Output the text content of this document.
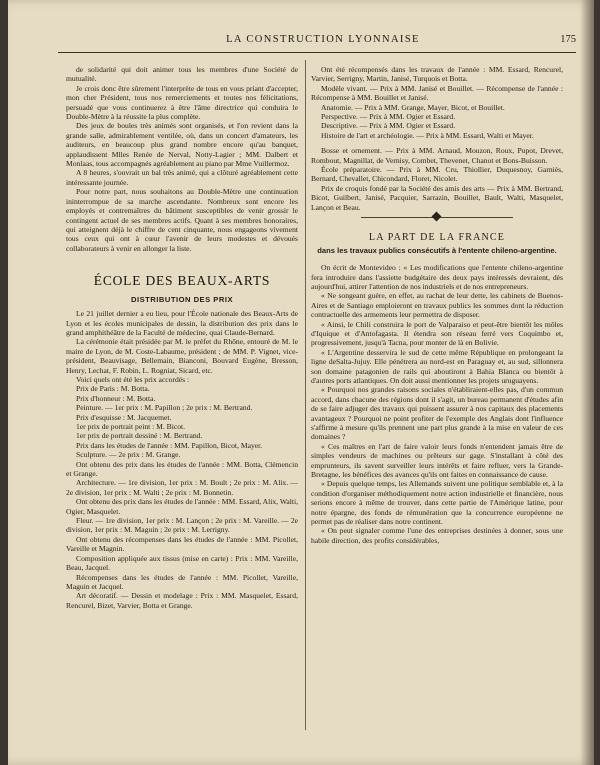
LA CONSTRUCTION LYONNAISE	175

de solidarité qui doit animer tous les membres d'une Société de mutualité.

Je crois donc être sûrement l'interprète de tous en vous priant d'accepter, mon cher Président, tous nos remerciements et toutes nos félicitations, persuadé que vous continuerez à être l'âme directrice qui conduira le Double-Mètre à la réussite la plus complète.

Des jeux de boules très animés sont organisés, et l'on revient dans la grande salle, admirablement ventilée, où, dans un concert d'amateurs, les auditeurs, en beaucoup plus grand nombre encore qu'au banquet, applaudissent Mlles Renée de Nerval, Notty-Lagier ; MM. Dalbert et Monlaas, tous accompagnés agréablement au piano par Mme Vuillermoz.

A 8 heures, s'ouvrait un bal très animé, qui a clôturé agréablement cette intéressante journée.

Pour notre part, nous souhaitons au Double-Mètre une continuation ininterrompue de sa marche ascendante. Nombreux sont encore les employés et contremaîtres du bâtiment susceptibles de venir grossir le contingent actuel de ses membres actifs. Quant à ses membres honoraires, qui atteignent déjà le chiffre de cent cinquante, nous engageons vivement tous ceux qui ont à cœur l'avenir de leurs modestes et dévoués collaborateurs à venir en allonger la liste.

ÉCOLE DES BEAUX-ARTS
DISTRIBUTION DES PRIX

Le 21 juillet dernier a eu lieu, pour l'École nationale des Beaux-Arts de Lyon et les écoles municipales de dessin, la distribution des prix dans le grand amphithéâtre de la Faculté de médecine, quai Claude-Bernard.

La cérémonie était présidée par M. le préfet du Rhône, entouré de M. le maire de Lyon, de M. Coste-Labaume, président ; de MM. P. Vignet, vice-président, Beauvisage, Bellemain, Bianconi, Bouvard Eugène, Bresson, Henry, Lechat, F. Robin, L. Rogniat, Sicard, etc.

Voici quels ont été les prix accordés :

Prix de Paris : M. Botta.

Prix d'honneur : M. Botta.

Peinture. — 1er prix : M. Papillon ; 2e prix : M. Bertrand.

Prix d'esquisse : M. Jacquemet.

1er prix de portrait peint : M. Bicot.

1er prix de portrait dessiné : M. Bertrand.

Prix dans les études de l'année : MM. Papillon, Bicot, Mayer.

Sculpture. — 2e prix : M. Grange.

Ont obtenu des prix dans les études de l'année : MM. Botta, Clémencin et Grange.

Architecture. — 1re division, 1er prix : M. Boult ; 2e prix : M. Alix. — 2e division, 1er prix : M. Walti ; 2e prix : M. Bonnetin.

Ont obtenu des prix dans les études de l'année : MM. Essard, Alix, Walti, Ogier, Masquelet.

Fleur. — 1re division, 1er prix : M. Lançon ; 2e prix : M. Vareille. — 2e division, 1er prix : M. Maguin ; 2e prix : M. Lerrigny.

Ont obtenu des récompenses dans les études de l'année : MM. Picollet, Vareille et Magnin.

Composition appliquée aux tissus (mise en carte) : Prix : MM. Vareille, Beau, Jacquel.

Récompenses dans les études de l'année : MM. Picollet, Vareille, Maguin et Jacquel.

Art décoratif. — Dessin et modelage : Prix : MM. Masquelet, Essard, Rencurel, Bizet, Varvier, Botta et Grange.

Ont été récompensés dans les travaux de l'année : MM. Essard, Rencurel, Varvier, Serrigny, Martin, Janisé, Turquois et Botta.

Modèle vivant. — Prix à MM. Janisé et Bouillet. — Récompense de l'année : Récompense à MM. Bouillet et Janisé.

Anatomie. — Prix à MM. Grange, Mayer, Bicot, et Bouillet.

Perspective. — Prix à MM. Ogier et Essard.

Descriptive. — Prix à MM. Ogier et Essard.

Histoire de l'art et archéologie. — Prix à MM. Essard, Walti et Mayer.

Bosse et ornement. — Prix à MM. Arnaud, Mouzon, Roux, Pupot, Drevet, Rombout, Magnillat, de Vernisy, Combet, Thevenet, Chanot et Bons-Buisson.

École préparatoire. — Prix à MM. Cru, Thiollier, Duquesnoy, Garniès, Bernard, Chevallet, Chicondard, Floret, Nicolet.

Prix de croquis fondé par la Société des amis des arts — Prix à MM. Bertrand, Bicot, Guilbert, Janisé, Pacquier, Sarrazin, Bouillet, Bault, Walti, Masquelet, Lançon et Beau.

LA PART DE LA FRANCE
dans les travaux publics consécutifs à l'entente chileno-argentine.

On écrit de Montevideo : « Les modifications que l'entente chileno-argentine fera introduire dans l'assiette budgétaire des deux pays intéressés devraient, dès aujourd'hui, attirer l'attention de nos industriels et de nos entrepreneurs.

« Ne songeant guère, en effet, au rachat de leur dette, les cabinets de Buenos-Aires et de Santiago emploieront en travaux publics les sommes dont la réduction contractuelle des armements leur permettra de disposer.

« Ainsi, le Chili construira le port de Valparaiso et peut-être bientôt les môles d'Iquique et d'Antofagasta. Il étendra son réseau ferré vers Coquimbo et, progressivement, jusqu'à Tacna, pour monter de là en Bolivie.

« L'Argentine desservira le sud de cette même République en prolongeant la ligne deSalta-Jujuy. Elle pénétrera au nord-est en Paraguay et, au sud, sillonnera son domaine patagonien de rails qui aboutiront à Bahia Blanca ou bientôt à d'autres ports atlantiques. On doit aussi mentionner les projets uruguayens.

« Pourquoi nos grandes raisons sociales n'établiraient-elles pas, d'un commun accord, dans chacune des régions dont il s'agit, un bureau permanent d'études afin de se faire adjuger des travaux qui puissent assurer à nos capitaux des placements avantageux ? Pourquoi ne point profiter de l'exemple des Anglais dont l'influence s'affirme à mesure qu'ils prennent une part plus grande à la mise en valeur de ces domaines ?

« Ces maîtres en l'art de faire valoir leurs fonds n'entendent jamais être de simples vendeurs de machines ou prêteurs sur gage. S'installant à côté des emprunteurs, ils savent surveiller leurs intérêts et faire refluer, vers la Grande-Bretagne, les bénéfices des avances qu'ils ont faites en connaissance de cause.

« Depuis quelque temps, les Allemands suivent une politique semblable et, à la condition d'organiser méthodiquement notre action industrielle et financière, nous serions encore à même de trouver, dans cette partie de l'Amérique latine, pour notre épargne, des fonds de rémunération que la concurrence européenne ne permet pas de réaliser dans notre continent.

« On peut signaler comme l'une des entreprises destinées à donner, sous une habile direction, des profits considérables,
